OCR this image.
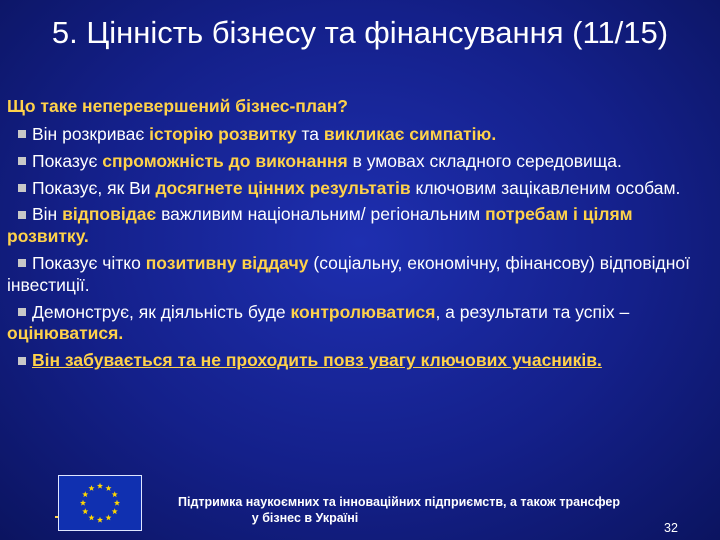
5. Цінність бізнесу та фінансування (11/15)
Що таке неперевершений бізнес-план?
Він розкриває історію розвитку та викликає симпатію.
Показує спроможність до виконання в умовах складного середовища.
Показує, як Ви досягнете цінних результатів ключовим зацікавленим особам.
Він відповідає важливим національним/ регіональним потребам і цілям розвитку.
Показує чітко позитивну віддачу (соціальну, економічну, фінансову) відповідної інвестиції.
Демонструє, як діяльність буде контролюватися, а результати та успіх – оцінюватися.
Він забувається та не проходить повз увагу ключових учасників.
Підтримка наукоємних та інноваційних підприємств, а також трансфер
у бізнес в Україні
32
